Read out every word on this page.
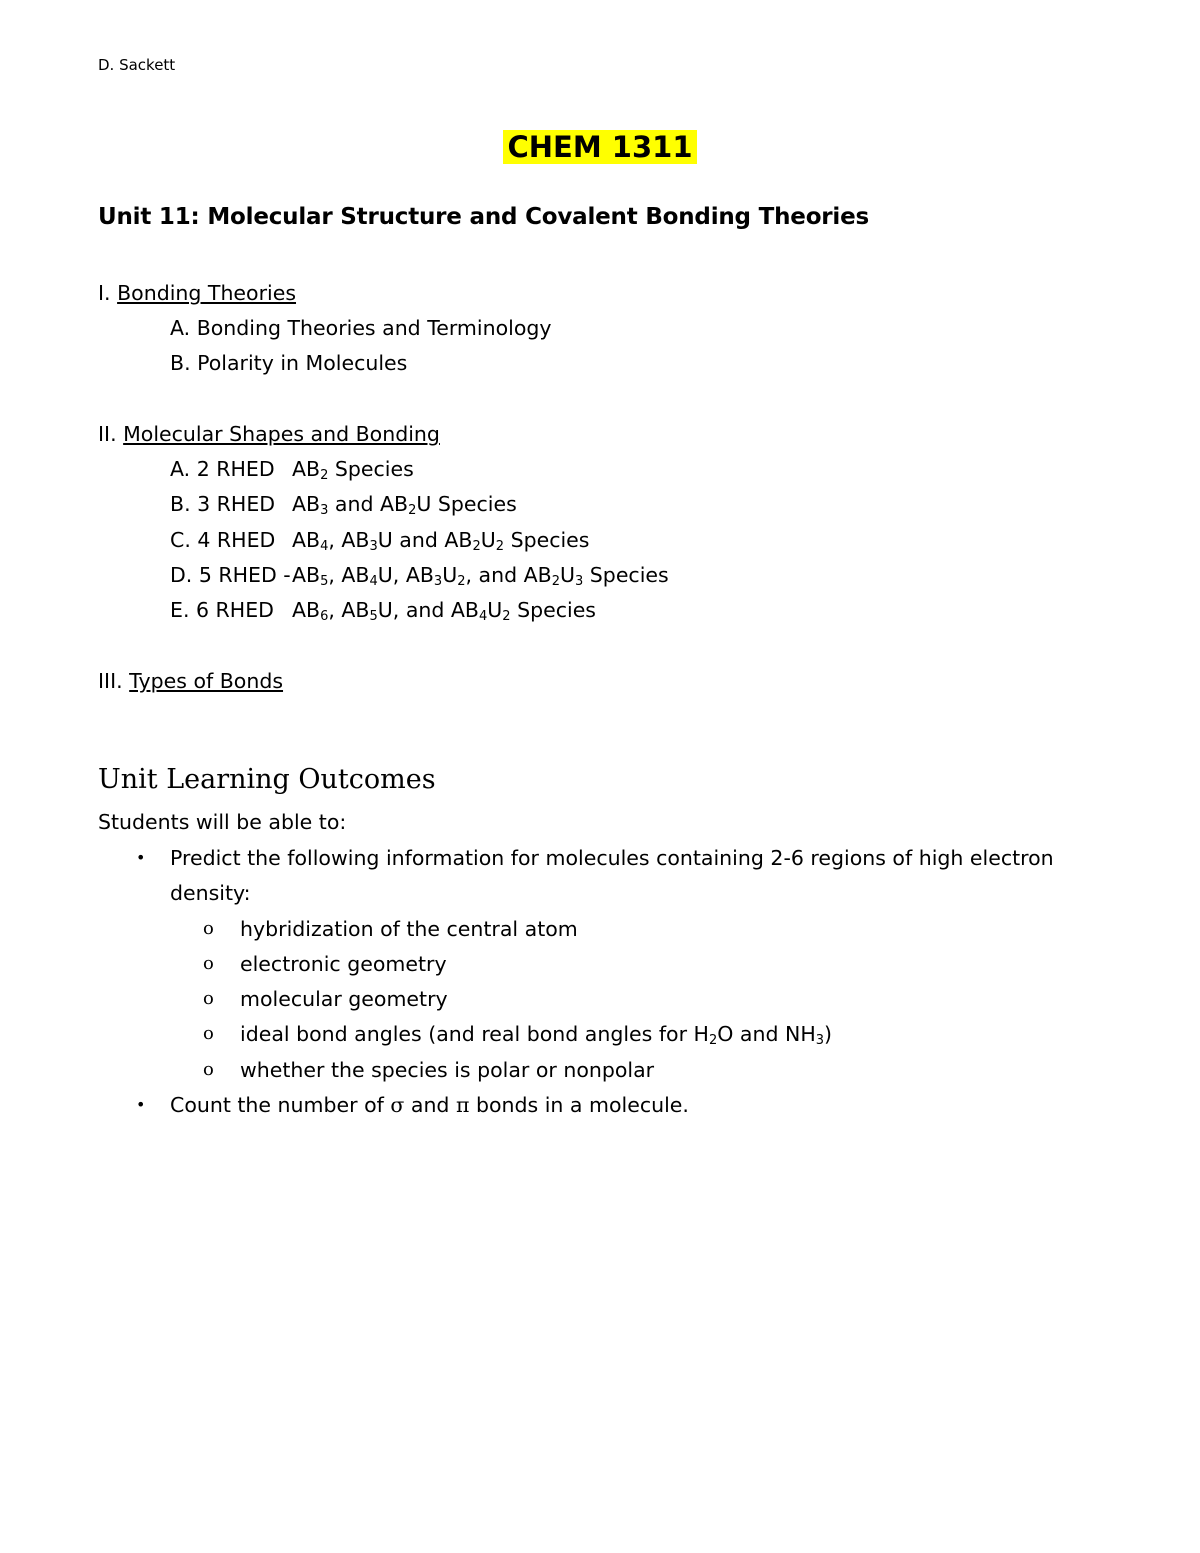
D. Sackett
CHEM 1311
Unit 11: Molecular Structure and Covalent Bonding Theories
I. Bonding Theories
A. Bonding Theories and Terminology
B. Polarity in Molecules
II. Molecular Shapes and Bonding
A. 2 RHED $AB_2$ Species
B. 3 RHED $AB_3$ and $AB_2U$ Species
C. 4 RHED $AB_4$, $AB_3U$ and $AB_2U_2$ Species
D. 5 RHED $-AB_5$, $AB_4U$, $AB_3U_2$, and $AB_2U_3$ Species
E. 6 RHED $AB_6$, $AB_5U$, and $AB_4U_2$ Species
III. Types of Bonds
Unit Learning Outcomes
Students will be able to:
• Predict the following information for molecules containing 2-6 regions of high electron
density:
o hybridization of the central atom
o electronic geometry
o molecular geometry
o ideal bond angles (and real bond angles for $H_2O$ and $NH_3$)
o whether the species is polar or nonpolar
• Count the number of σ and π bonds in a molecule.
